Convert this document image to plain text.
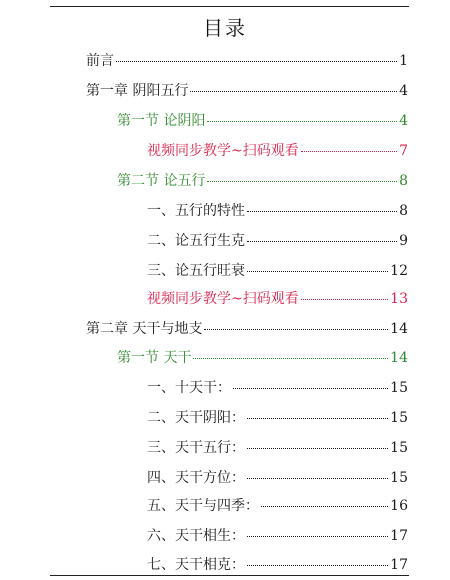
目录
前言	1
第一章 阴阳五行	4
第一节 论阴阳	4
视频同步教学~扫码观看	7
第二节 论五行	8
一、五行的特性	8
二、论五行生克	9
三、论五行旺衰	12
视频同步教学~扫码观看	13
第二章 天干与地支	14
第一节 天干	14
一、十天干：	15
二、天干阴阳：	15
三、天干五行：	15
四、天干方位：	15
五、天干与四季：	16
六、天干相生：	17
七、天干相克：	17
